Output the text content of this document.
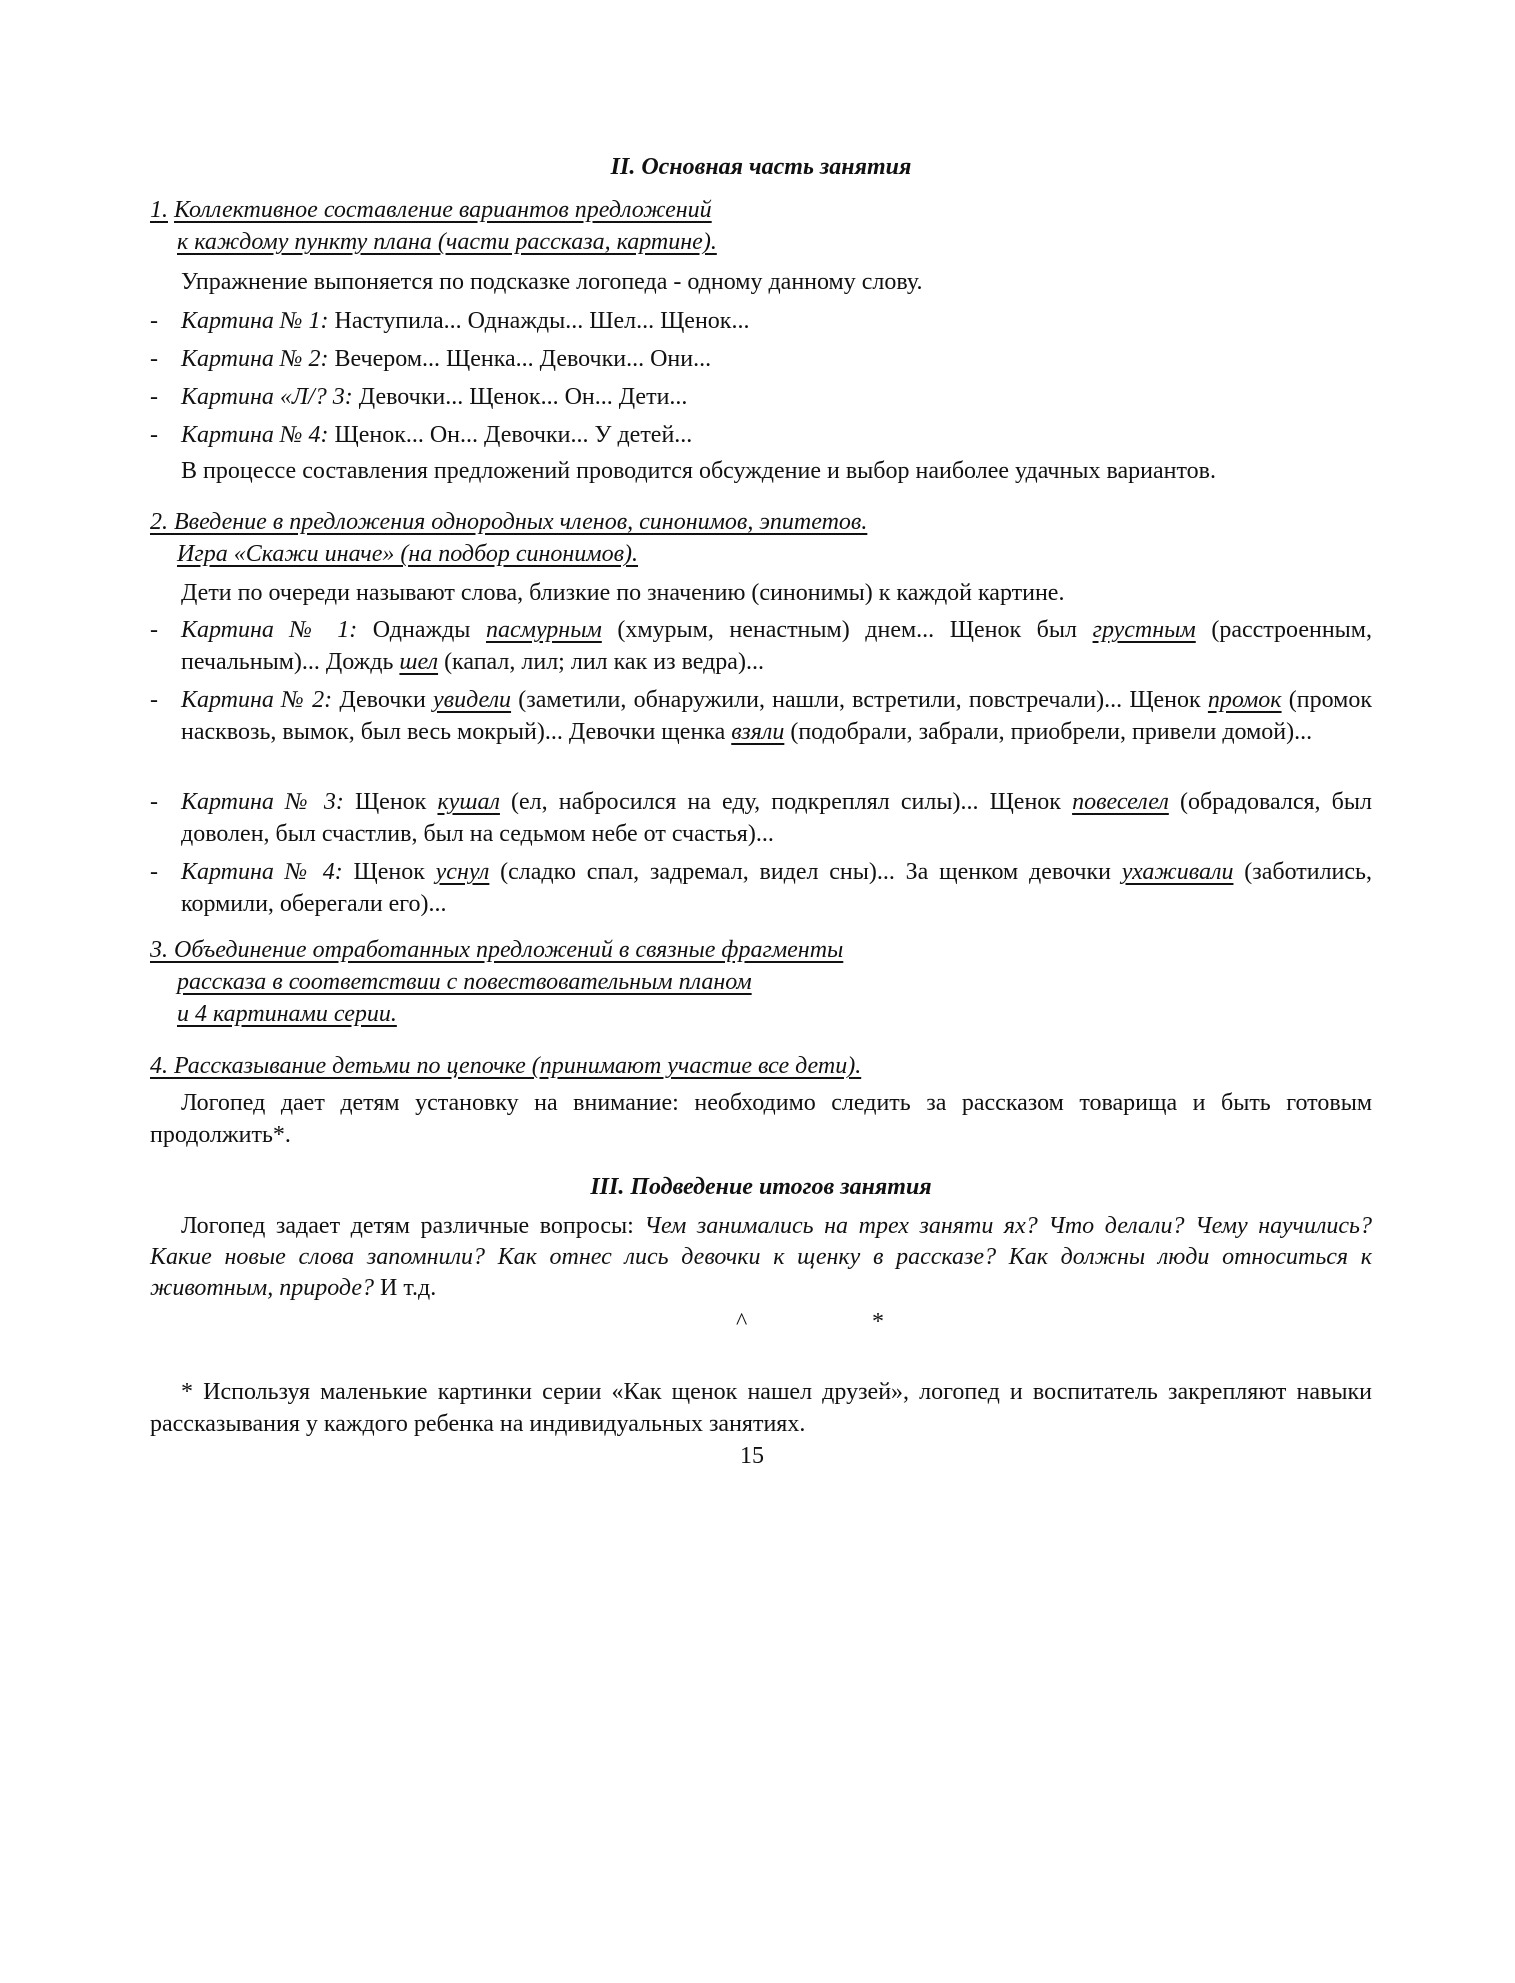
II. Основная часть занятия

1. Коллективное составление вариантов предложений

к каждому пункту плана (части рассказа, картине).

Упражнение выпоняется по подсказке логопеда - одному данному слову.

- Картина № 1: Наступила... Однажды... Шел... Щенок...

- Картина № 2: Вечером... Щенка... Девочки... Они...

- Картина «Л/? 3: Девочки... Щенок... Он... Дети...

- Картина № 4: Щенок... Он... Девочки... У детей...

В процессе составления предложений проводится обсуждение и выбор наиболее удачных вариантов.

2. Введение в предложения однородных членов, синонимов, эпитетов.

Игра «Скажи иначе» (на подбор синонимов).

Дети по очереди называют слова, близкие по значению (синонимы) к каждой картине.

- Картина № 1: Однажды пасмурным (хмурым, ненастным) днем... Щенок был грустным (расстроенным, печальным)... Дождь шел (капал, лил; лил как из ведра)...

- Картина № 2: Девочки увидели (заметили, обнаружили, нашли, встретили, повстречали)... Щенок промок (промок насквозь, вымок, был весь мокрый)... Девочки щенка взяли (подобрали, забрали, приобрели, привели домой)...

- Картина № 3: Щенок кушал (ел, набросился на еду, подкреплял силы)... Щенок повеселел (обрадовался, был доволен, был счастлив, был на седьмом небе от счастья)...

- Картина № 4: Щенок уснул (сладко спал, задремал, видел сны)... За щенком девочки ухаживали (заботились, кормили, оберегали его)...

3. Объединение отработанных предложений в связные фрагменты

рассказа в соответствии с повествовательным планом

и 4 картинами серии.

4. Рассказывание детьми по цепочке (принимают участие все дети).

Логопед дает детям установку на внимание: необходимо следить за рассказом товарища и быть готовым продолжить*.

III. Подведение итогов занятия

Логопед задает детям различные вопросы: Чем занимались на трех заняти ях? Что делали? Чему научились? Какие новые слова запомнили? Как отнес лись девочки к щенку в рассказе? Как должны люди относиться к животным, природе? И т.д.

^	*

* Используя маленькие картинки серии «Как щенок нашел друзей», логопед и воспитатель закрепляют навыки рассказывания у каждого ребенка на индивидуальных занятиях.

15
